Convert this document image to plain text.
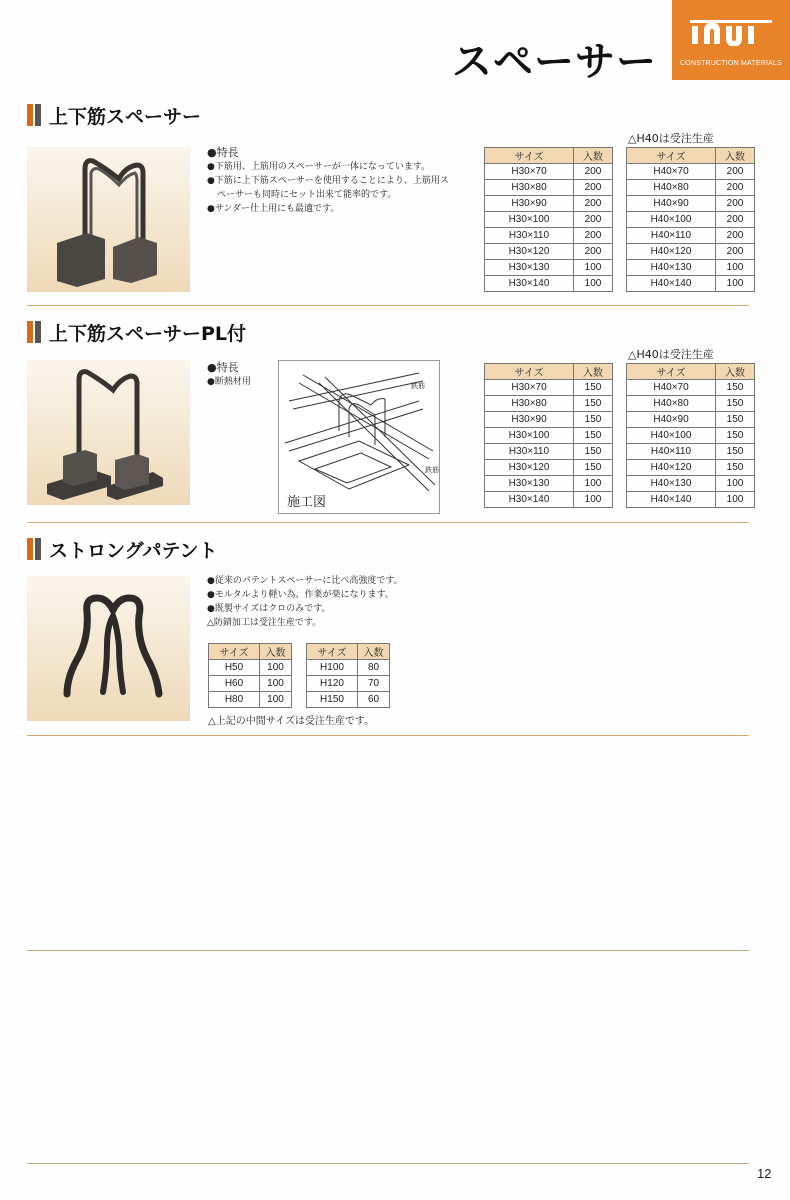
CONSTRUCTION MATERIALS
スペーサー
上下筋スペーサー
●特長
●下筋用、上筋用のスペーサーが一体になっています。
●下筋に上下筋スペーサーを使用することにより、上筋用スペーサーも同時にセット出来て能率的です。
●サンダー仕上用にも最適です。
△H40は受注生産
サイズ	入数
H30×70	200
H30×80	200
H30×90	200
H30×100	200
H30×110	200
H30×120	200
H30×130	100
H30×140	100
サイズ	入数
H40×70	200
H40×80	200
H40×90	200
H40×100	200
H40×110	200
H40×120	200
H40×130	100
H40×140	100
上下筋スペーサーPL付
●特長
●断熱材用	鉄筋
鉄筋
施工図
△H40は受注生産
サイズ	入数
H30×70	150
H30×80	150
H30×90	150
H30×100	150
H30×110	150
H30×120	150
H30×130	100
H30×140	100
サイズ	入数
H40×70	150
H40×80	150
H40×90	150
H40×100	150
H40×110	150
H40×120	150
H40×130	100
H40×140	100
ストロングパテント
●従来のパテントスペーサーに比べ高強度です。
●モルタルより軽い為、作業が楽になります。
●既製サイズはクロのみです。
△防錆加工は受注生産です。
サイズ	入数
H50	100
H60	100
H80	100
サイズ	入数
H100	80
H120	70
H150	60
△上記の中間サイズは受注生産です。
12
